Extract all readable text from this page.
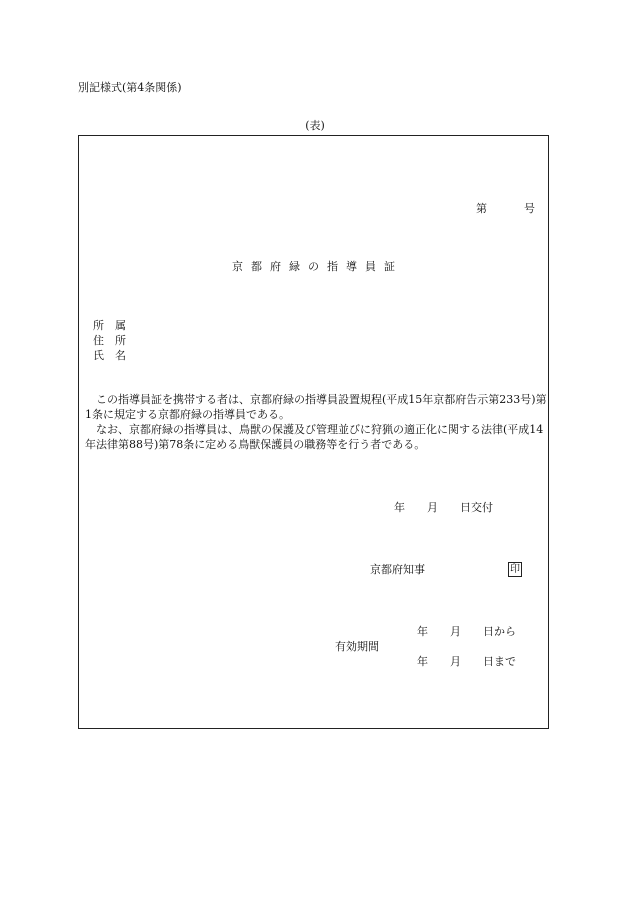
別記様式(第4条関係)
(表)
第	号
京都府緑の指導員証
所　属
住　所
氏　名

この指導員証を携帯する者は、京都府緑の指導員設置規程(平成15年京都府告示第233号)第1条に規定する京都府緑の指導員である。

なお、京都府緑の指導員は、鳥獣の保護及び管理並びに狩猟の適正化に関する法律(平成14年法律第88号)第78条に定める鳥獣保護員の職務等を行う者である。

年　　月　　日交付
京都府知事	印
年　　月　　日から
有効期間
年　　月　　日まで
